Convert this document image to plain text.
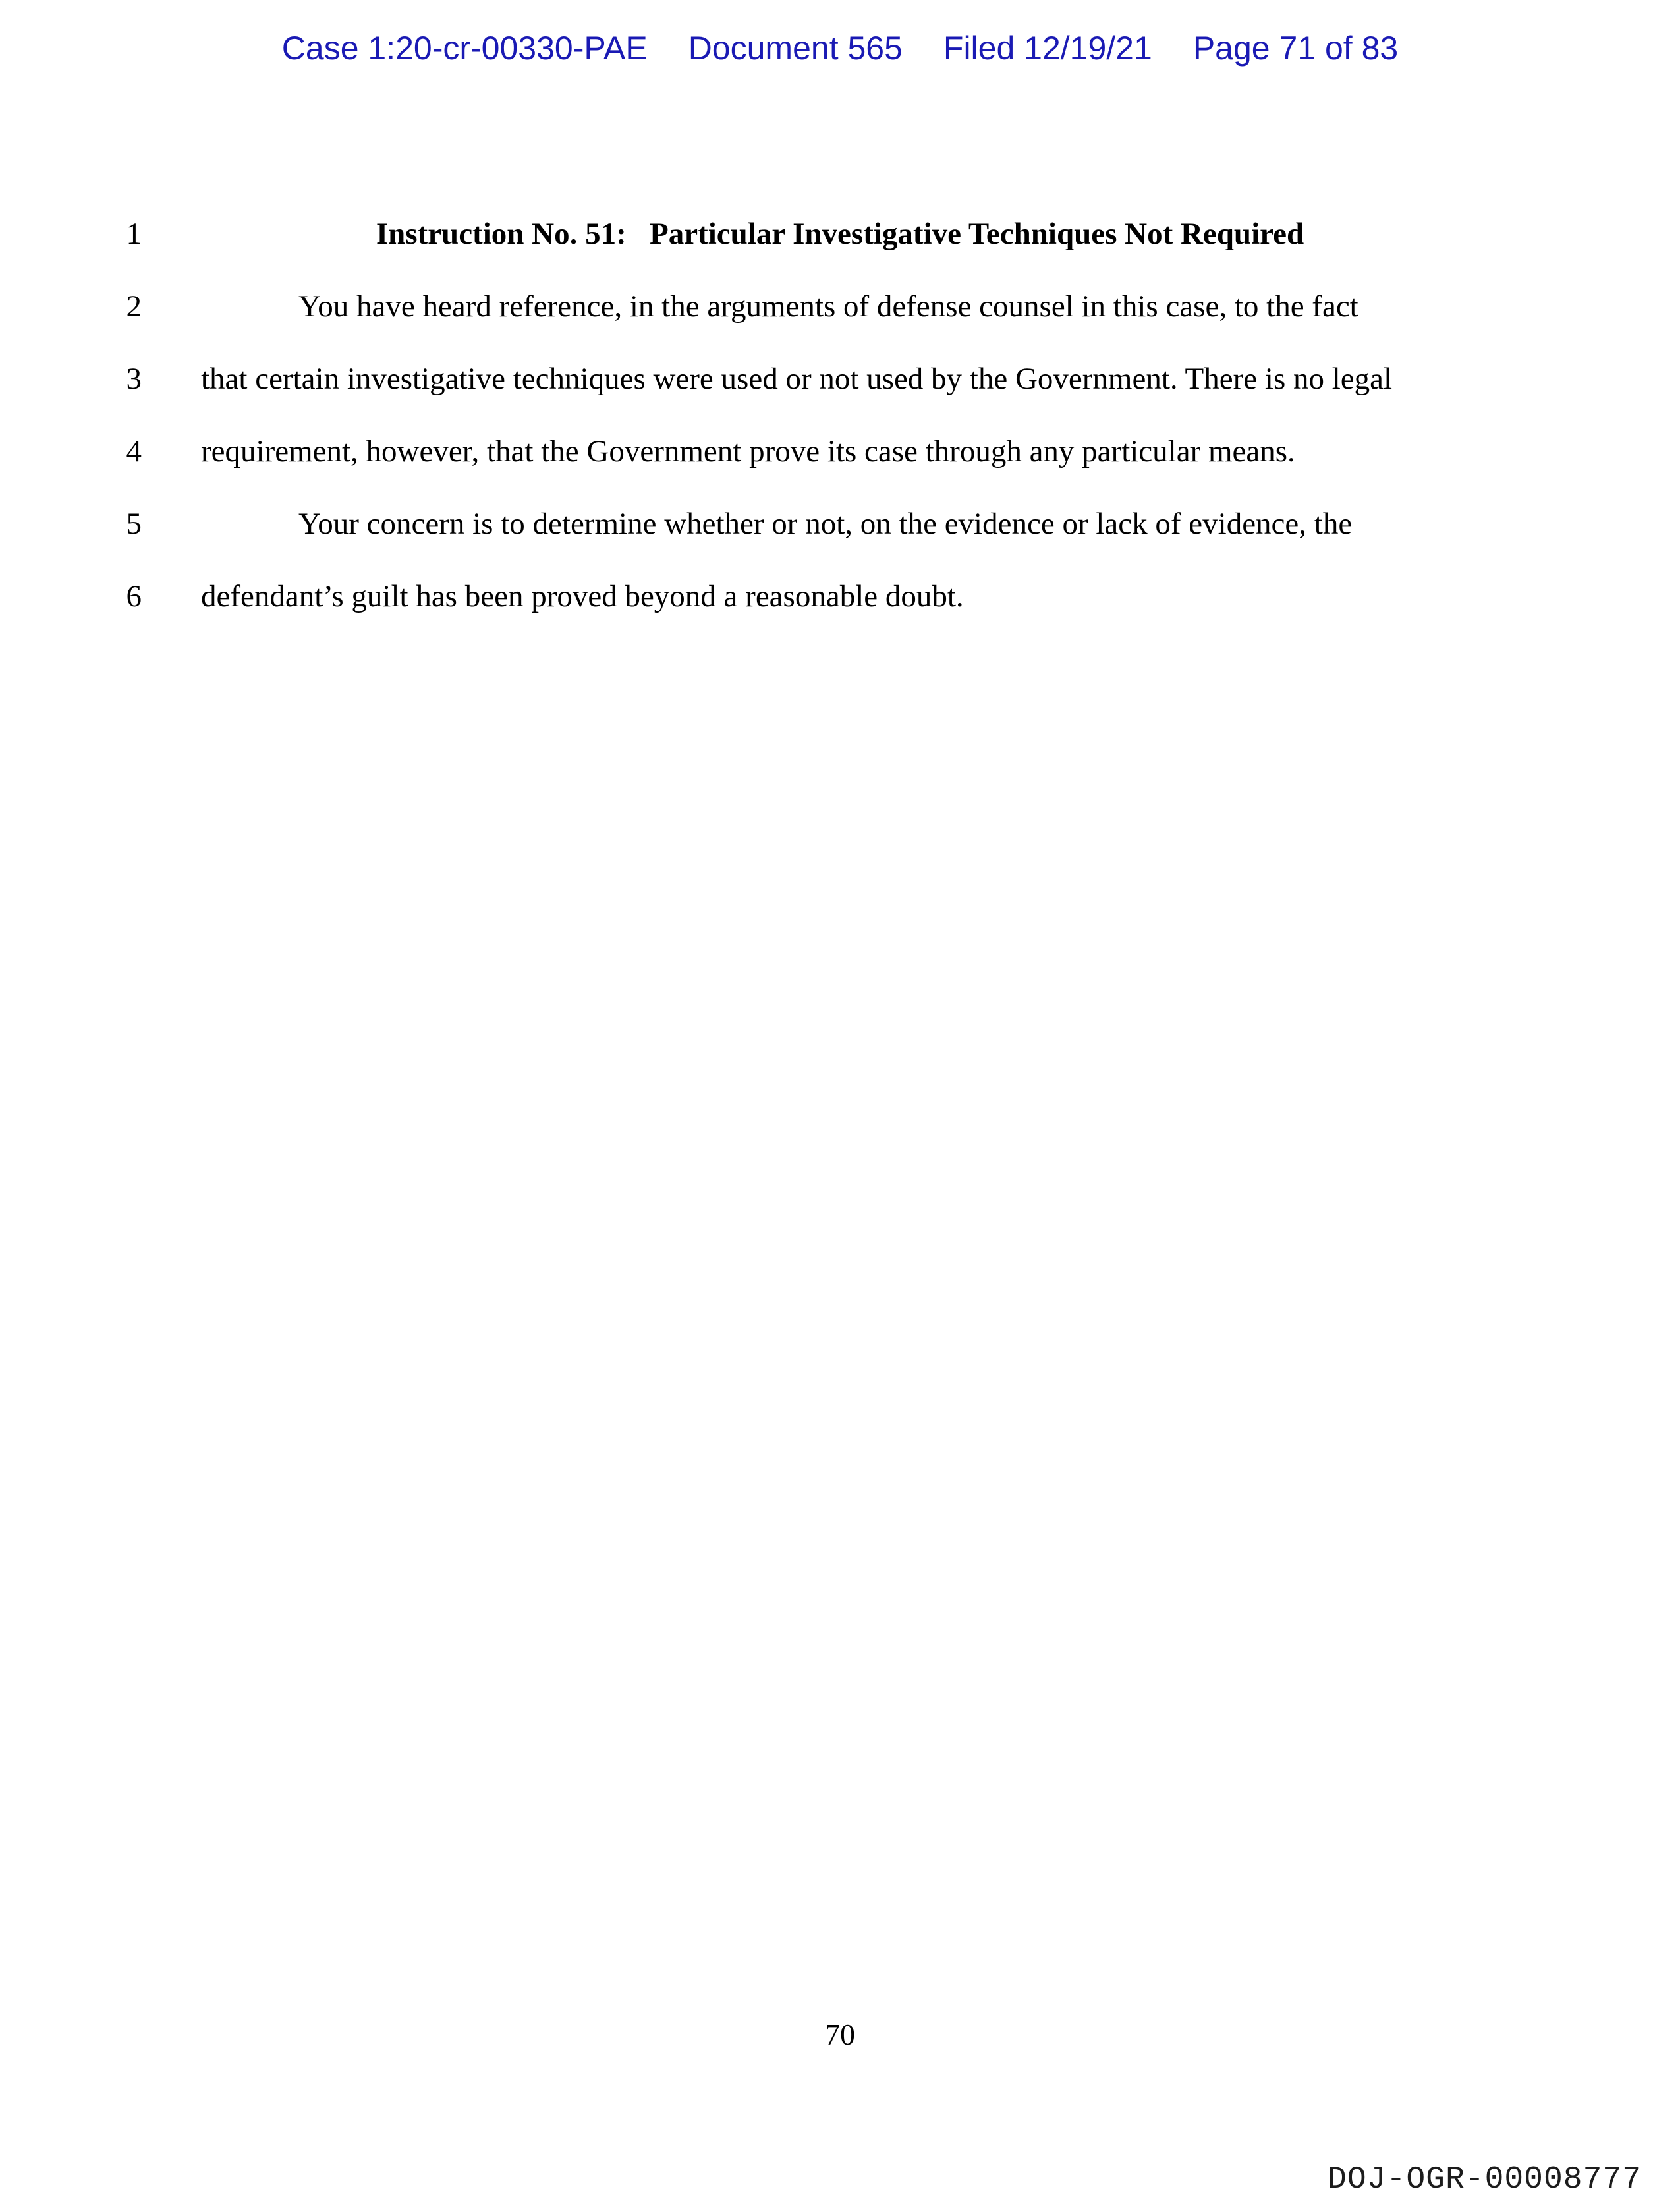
Case 1:20-cr-00330-PAE Document 565 Filed 12/19/21 Page 71 of 83
1	Instruction No. 51: Particular Investigative Techniques Not Required
2	You have heard reference, in the arguments of defense counsel in this case, to the fact
3 that certain investigative techniques were used or not used by the Government. There is no legal
4 requirement, however, that the Government prove its case through any particular means.
5	Your concern is to determine whether or not, on the evidence or lack of evidence, the
6 defendant’s guilt has been proved beyond a reasonable doubt.
70
DOJ-OGR-00008777
